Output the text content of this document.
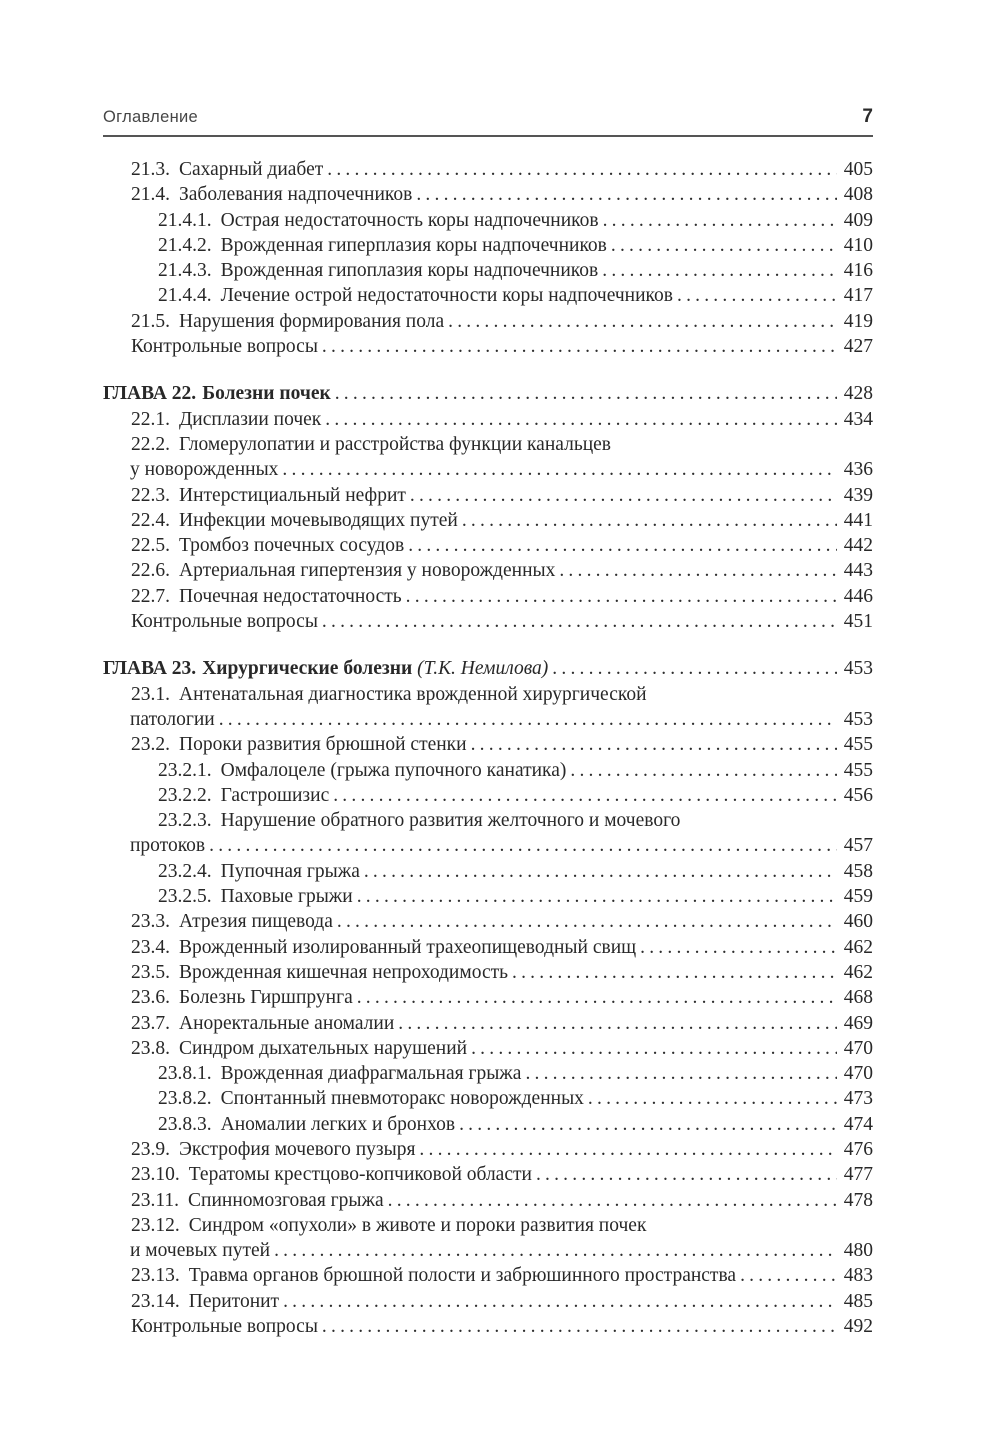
Оглавление	7
21.3. Сахарный диабет .....	405
21.4. Заболевания надпочечников .....	408
21.4.1. Острая недостаточность коры надпочечников .....	409
21.4.2. Врожденная гиперплазия коры надпочечников .....	410
21.4.3. Врожденная гипоплазия коры надпочечников .....	416
21.4.4. Лечение острой недостаточности коры надпочечников .....	417
21.5. Нарушения формирования пола .....	419
Контрольные вопросы .....	427
ГЛАВА 22. Болезни почек .....	428
22.1. Дисплазии почек .....	434
22.2. Гломерулопатии и расстройства функции канальцев
у новорожденных .....	436
22.3. Интерстициальный нефрит .....	439
22.4. Инфекции мочевыводящих путей .....	441
22.5. Тромбоз почечных сосудов .....	442
22.6. Артериальная гипертензия у новорожденных .....	443
22.7. Почечная недостаточность .....	446
Контрольные вопросы .....	451
ГЛАВА 23. Хирургические болезни (Т.К. Немилова) .....	453
23.1. Антенатальная диагностика врожденной хирургической
патологии .....	453
23.2. Пороки развития брюшной стенки .....	455
23.2.1. Омфалоцеле (грыжа пупочного канатика) .....	455
23.2.2. Гастрошизис .....	456
23.2.3. Нарушение обратного развития желточного и мочевого
протоков .....	457
23.2.4. Пупочная грыжа .....	458
23.2.5. Паховые грыжи .....	459
23.3. Атрезия пищевода .....	460
23.4. Врожденный изолированный трахеопищеводный свищ .....	462
23.5. Врожденная кишечная непроходимость .....	462
23.6. Болезнь Гиршпрунга .....	468
23.7. Аноректальные аномалии .....	469
23.8. Синдром дыхательных нарушений .....	470
23.8.1. Врожденная диафрагмальная грыжа .....	470
23.8.2. Спонтанный пневмоторакс новорожденных .....	473
23.8.3. Аномалии легких и бронхов .....	474
23.9. Экстрофия мочевого пузыря .....	476
23.10. Тератомы крестцово-копчиковой области .....	477
23.11. Спинномозговая грыжа .....	478
23.12. Синдром «опухоли» в животе и пороки развития почек
и мочевых путей .....	480
23.13. Травма органов брюшной полости и забрюшинного пространства .....	483
23.14. Перитонит .....	485
Контрольные вопросы .....	492
